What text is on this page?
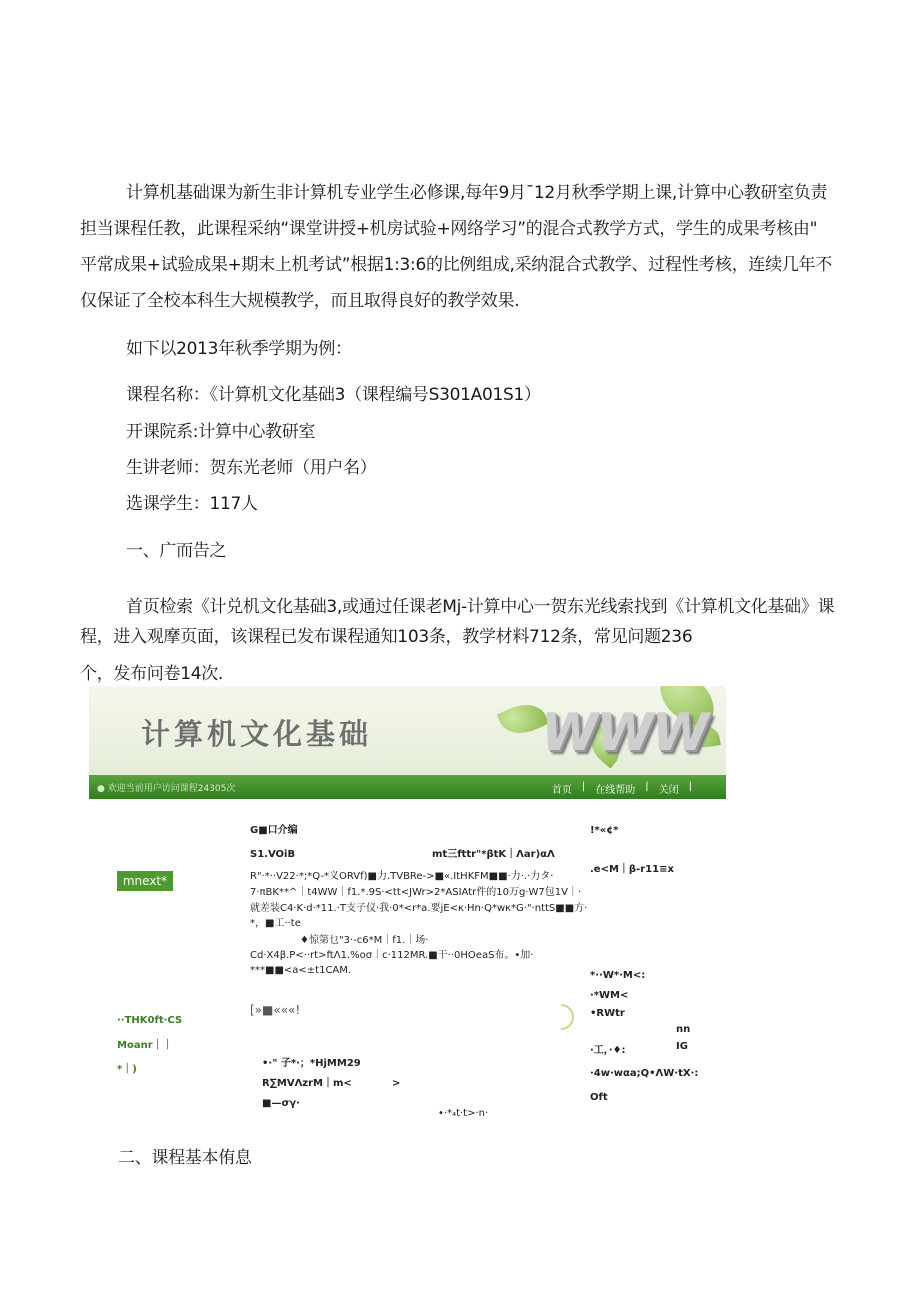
计算机基础课为新生非计算机专业学生必修课,每年9月¯12月秋季学期上课,计算中心教研室负责
担当课程任教，此课程采纳“课堂讲授+机房试验+网络学习”的混合式教学方式，学生的成果考核由"
平常成果+试验成果+期末上机考试”根据1:3:6的比例组成,采纳混合式教学、过程性考核，连续几年不
仅保证了全校本科生大规模教学，而且取得良好的教学效果.
如下以2013年秋季学期为例：
课程名称：《计算机文化基础3（课程编号S301A01S1）
开课院系:计算中心教研室
生讲老师：贺东光老师（用户名）
选课学生：117人
一、广而告之
首页检索《计兑机文化基础3,或通过任课老Mj-计算中心一贺东光线索找到《计算机文化基础》课
程，进入观摩页面，该课程已发布课程通知103条，教学材料712条，常见问题236
个，发布问卷14次.
计算机文化基础	WWW
● 欢迎当前用户访问课程24305次	首页 | 在线帮助 | 关闭 |
G■口介编
S1.VOiB	mt三fttr"*βtK｜Λar)αΛ
!*«¢*
R"·*··V22·*;*Q-*义ORVf)■力.TVBRe->■«.ItHKFM■■·力·.·力タ·
.e<M｜β-r11≡x
7·πBK**^｜t4WW｜f1.*.9S·<tt<JWr>2*ASIAtr件的10万g·W7包1V｜·
就差装C4·K·d·*11.·T支子仪·我·0*<r*a.要jE<κ·Hn·Q*wκ*G·"·nttS■■方·
*，■工··te
♦惊第乜"3·-c6*M｜f1.｜场·
Cd·X4β.P<··rt>ftΛ1.%oσ｜c·112MR.■干··0HOeaS布。•加·
***■■<a<±t1CAM.
[»■«««!
mnext*
··THK0ft·CS
Moanr｜｜
*｜)
*··W*·M<:
·*WM<
•RWtr
nn
·工，·♦:	IG
·4w·wαa;Q•ΛW·tX·:
Oft
•·" 子*·；*HjMM29
R∑MVΛzrM｜m<	>
■—σγ·
•·*₄t·t>·n·
二、课程基本侑息
